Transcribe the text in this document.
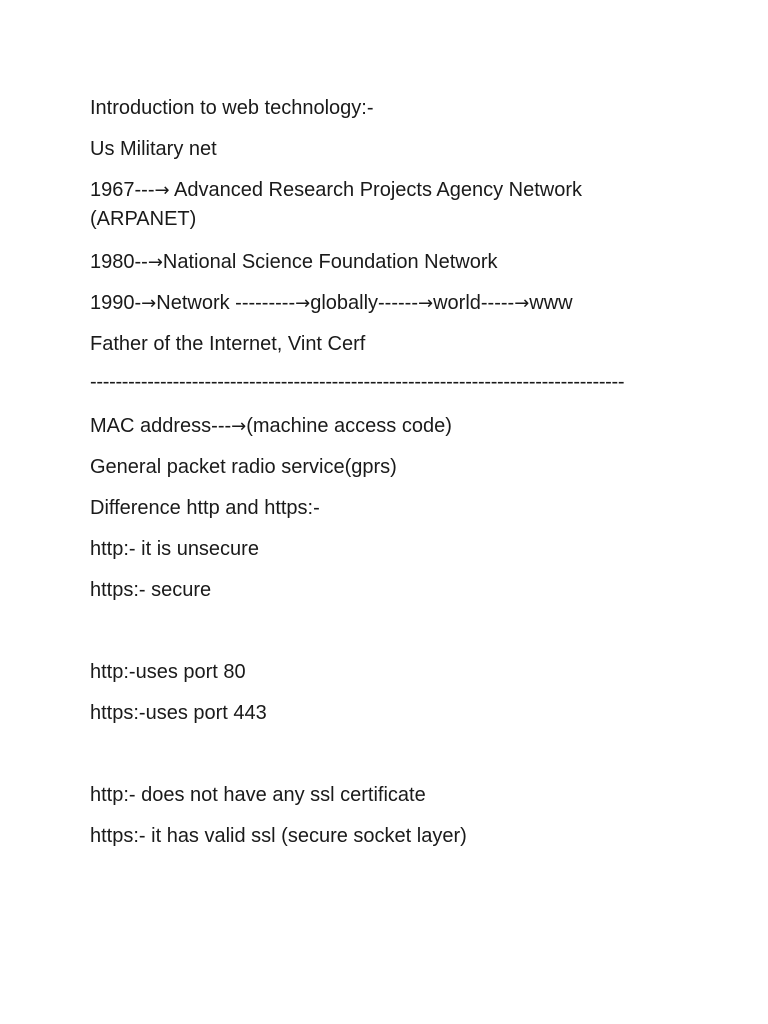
Introduction to web technology:-
Us Military net
1967---→ Advanced Research Projects Agency Network
(ARPANET)
1980--→National Science Foundation Network
1990-→Network ---------→globally------→world-----→www
Father of the Internet, Vint Cerf
------------------------------------------------------------------------------------
MAC address---→(machine access code)
General packet radio service(gprs)
Difference http and https:-
http:- it is unsecure
https:- secure
http:-uses port 80
https:-uses port 443
http:- does not have any ssl certificate
https:- it has valid ssl (secure socket layer)
